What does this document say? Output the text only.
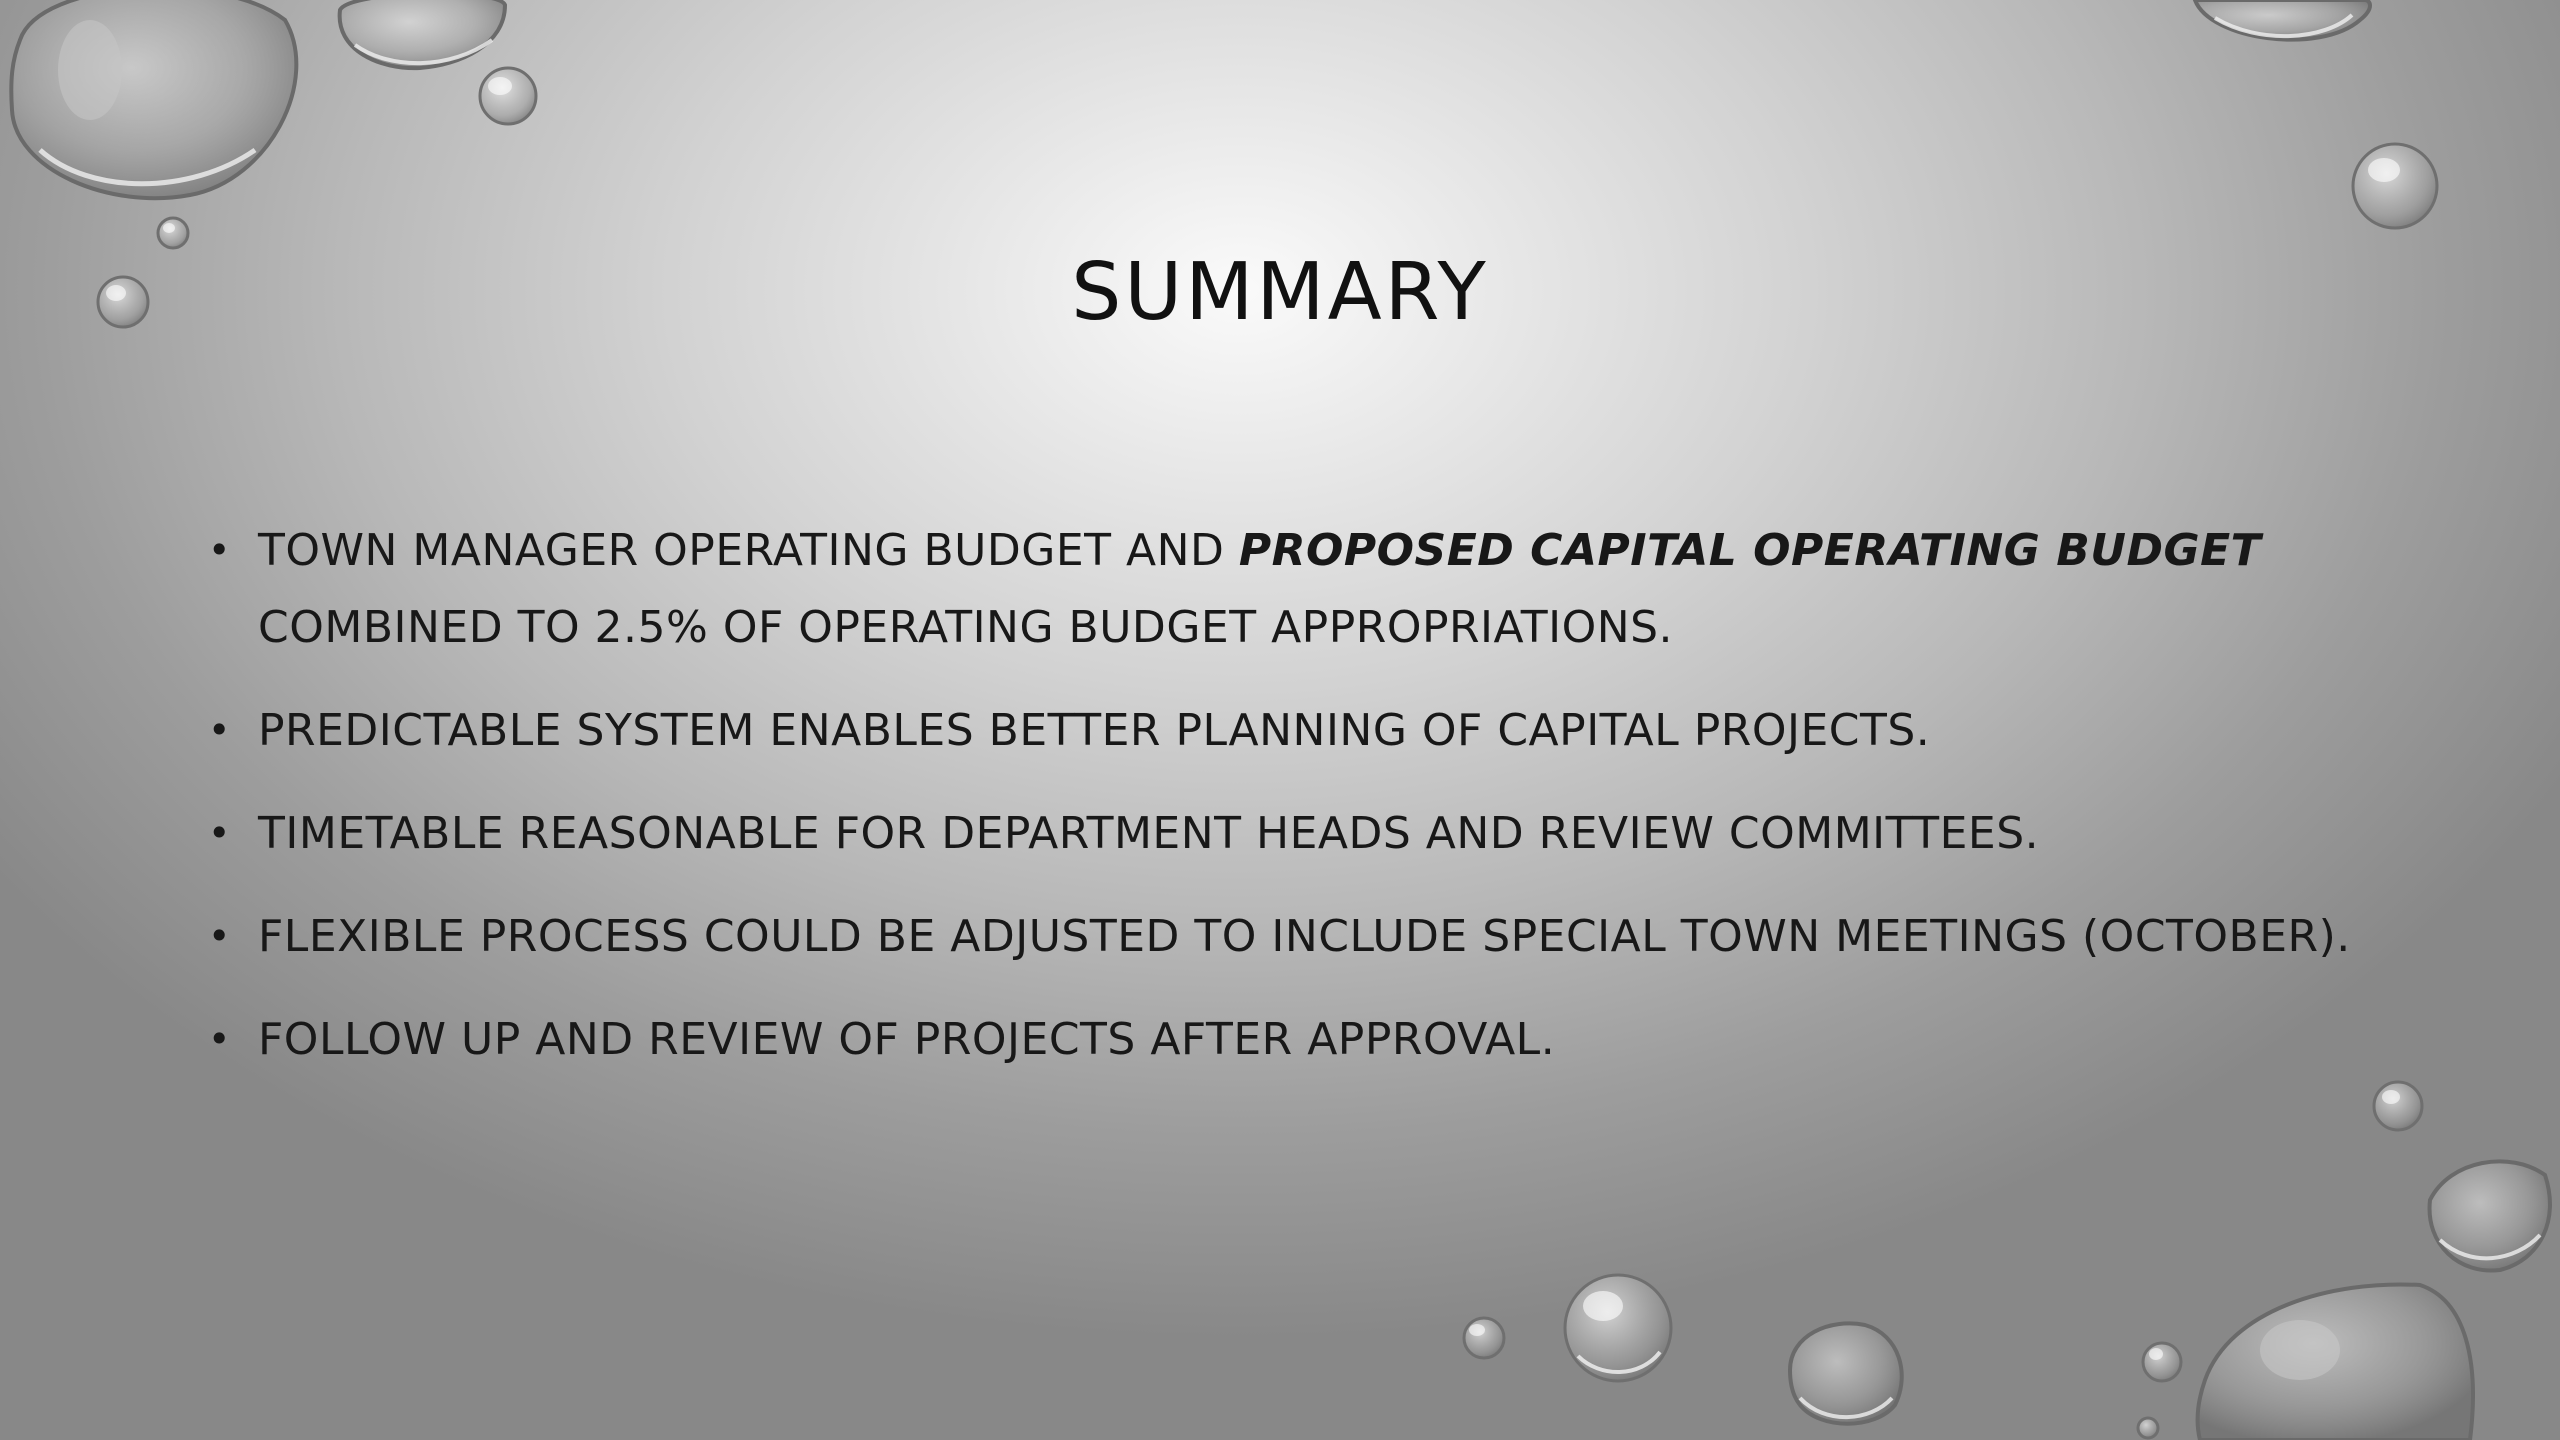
SUMMARY
• TOWN MANAGER OPERATING BUDGET AND PROPOSED CAPITAL OPERATING BUDGET
COMBINED TO 2.5% OF OPERATING BUDGET APPROPRIATIONS.
• PREDICTABLE SYSTEM ENABLES BETTER PLANNING OF CAPITAL PROJECTS.
• TIMETABLE REASONABLE FOR DEPARTMENT HEADS AND REVIEW COMMITTEES.
• FLEXIBLE PROCESS COULD BE ADJUSTED TO INCLUDE SPECIAL TOWN MEETINGS (OCTOBER).
• FOLLOW UP AND REVIEW OF PROJECTS AFTER APPROVAL.
